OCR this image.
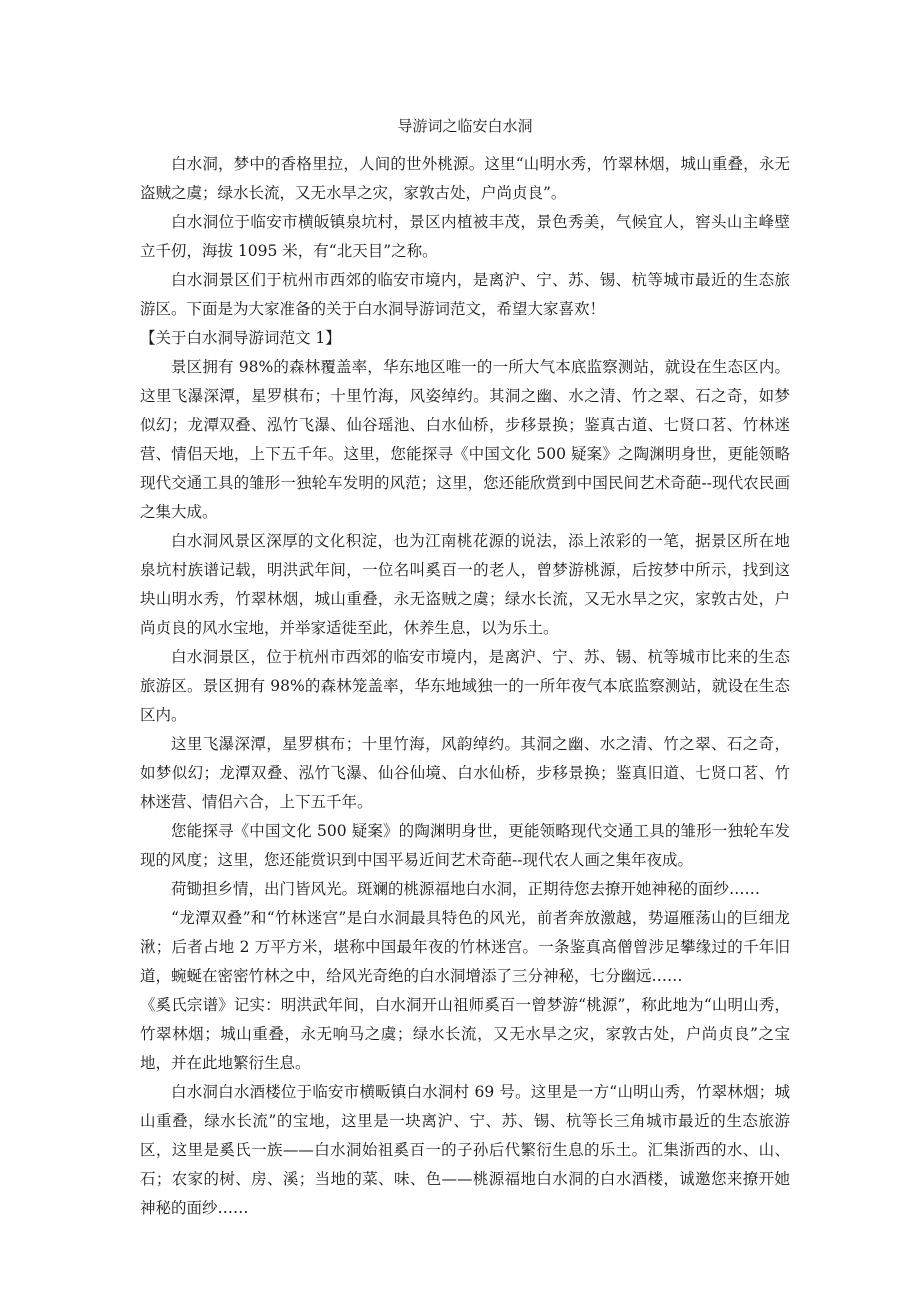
导游词之临安白水洞

白水洞，梦中的香格里拉，人间的世外桃源。这里“山明水秀，竹翠林烟，城山重叠，永无盗贼之虞；绿水长流，又无水旱之灾，家敦古处，户尚贞良”。

白水洞位于临安市横皈镇泉坑村，景区内植被丰茂，景色秀美，气候宜人，窖头山主峰壁立千仞，海拔 1095 米，有“北天目”之称。

白水洞景区们于杭州市西郊的临安市境内，是离沪、宁、苏、锡、杭等城市最近的生态旅游区。下面是为大家准备的关于白水洞导游词范文，希望大家喜欢！

【关于白水洞导游词范文 1】

景区拥有 98%的森林覆盖率，华东地区唯一的一所大气本底监察测站，就设在生态区内。这里飞瀑深潭，星罗棋布；十里竹海，风姿绰约。其洞之幽、水之清、竹之翠、石之奇，如梦似幻；龙潭双叠、泓竹飞瀑、仙谷瑶池、白水仙桥，步移景换；鉴真古道、七贤口茗、竹林迷营、情侣天地，上下五千年。这里，您能探寻《中国文化 500 疑案》之陶渊明身世，更能领略现代交通工具的雏形一独轮车发明的风范；这里，您还能欣赏到中国民间艺术奇葩--现代农民画之集大成。

白水洞风景区深厚的文化积淀，也为江南桃花源的说法，添上浓彩的一笔，据景区所在地泉坑村族谱记载，明洪武年间，一位名叫奚百一的老人，曾梦游桃源，后按梦中所示，找到这块山明水秀，竹翠林烟，城山重叠，永无盗贼之虞；绿水长流，又无水旱之灾，家敦古处，户尚贞良的风水宝地，并举家适徙至此，休养生息，以为乐土。

白水洞景区，位于杭州市西郊的临安市境内，是离沪、宁、苏、锡、杭等城市比来的生态旅游区。景区拥有 98%的森林笼盖率，华东地域独一的一所年夜气本底监察测站，就设在生态区内。

这里飞瀑深潭，星罗棋布；十里竹海，风韵绰约。其洞之幽、水之清、竹之翠、石之奇，如梦似幻；龙潭双叠、泓竹飞瀑、仙谷仙境、白水仙桥，步移景换；鉴真旧道、七贤口茗、竹林迷营、情侣六合，上下五千年。

您能探寻《中国文化 500 疑案》的陶渊明身世，更能领略现代交通工具的雏形一独轮车发现的风度；这里，您还能赏识到中国平易近间艺术奇葩--现代农人画之集年夜成。

荷锄担乡情，出门皆风光。斑斓的桃源福地白水洞，正期待您去撩开她神秘的面纱……

“龙潭双叠”和“竹林迷宫”是白水洞最具特色的风光，前者奔放激越，势逼雁荡山的巨细龙湫；后者占地 2 万平方米，堪称中国最年夜的竹林迷宫。一条鉴真高僧曾涉足攀缘过的千年旧道，蜿蜒在密密竹林之中，给风光奇绝的白水洞增添了三分神秘，七分幽远……

《奚氏宗谱》记实：明洪武年间，白水洞开山祖师奚百一曾梦游“桃源”，称此地为“山明山秀，竹翠林烟；城山重叠，永无响马之虞；绿水长流，又无水旱之灾，家敦古处，户尚贞良”之宝地，并在此地繁衍生息。

白水洞白水酒楼位于临安市横畈镇白水洞村 69 号。这里是一方“山明山秀，竹翠林烟；城山重叠，绿水长流”的宝地，这里是一块离沪、宁、苏、锡、杭等长三角城市最近的生态旅游区，这里是奚氏一族——白水洞始祖奚百一的子孙后代繁衍生息的乐土。汇集浙西的水、山、石；农家的树、房、溪；当地的菜、味、色——桃源福地白水洞的白水酒楼，诚邀您来撩开她神秘的面纱……
